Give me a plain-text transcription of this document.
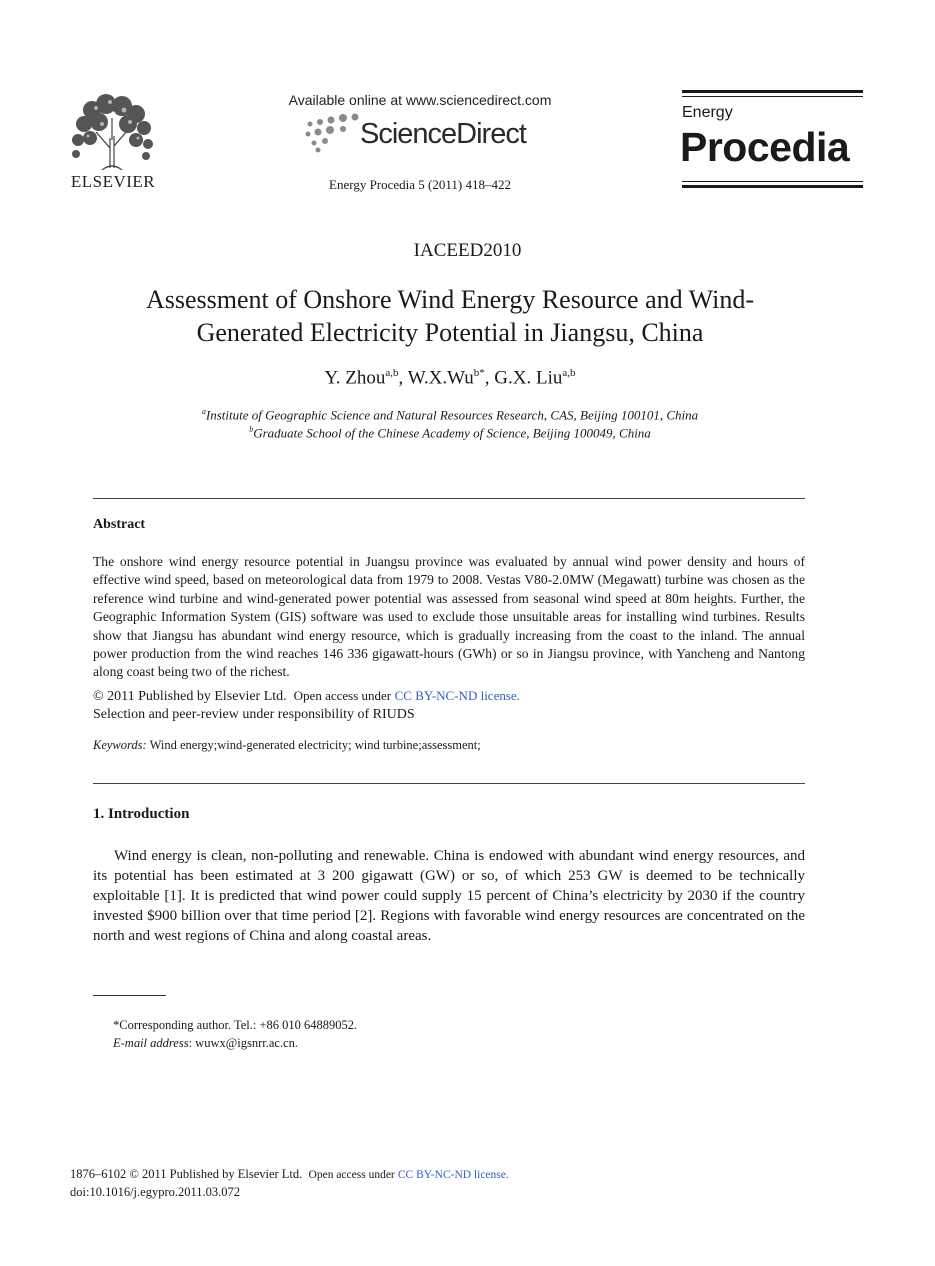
ELSEVIER
Available online at www.sciencedirect.com
ScienceDirect
Energy Procedia 5 (2011) 418–422
Energy
Procedia
IACEED2010
Assessment of Onshore Wind Energy Resource and Wind-
Generated Electricity Potential in Jiangsu, China
Y. Zhou$^{a,b}$, $W.X.Wu^{b*}$, G.X. Liu$^{a,b}$
$^a$Institute of Geographic Science and Natural Resources Research, CAS, Beijing 100101, China
$^b$Graduate School of the Chinese Academy of Science, Beijing 100049, China
Abstract
The onshore wind energy resource potential in Juangsu province was evaluated by annual wind power density and hours of effective wind speed, based on meteorological data from 1979 to 2008. Vestas V80-2.0MW (Megawatt) turbine was chosen as the reference wind turbine and wind-generated power potential was assessed from seasonal wind speed at 80m heights. Further, the Geographic Information System (GIS) software was used to exclude those unsuitable areas for installing wind turbines. Results show that Jiangsu has abundant wind energy resource, which is gradually increasing from the coast to the inland. The annual power production from the wind reaches 146 336 gigawatt-hours (GWh) or so in Jiangsu province, with Yancheng and Nantong along coast being two of the richest.
© 2011 Published by Elsevier Ltd. Open access under CC BY-NC-ND license.
Selection and peer-review under responsibility of RIUDS
Keywords: Wind energy;wind-generated electricity; wind turbine;assessment;
1. Introduction

Wind energy is clean, non-polluting and renewable. China is endowed with abundant wind energy resources, and its potential has been estimated at 3 200 gigawatt (GW) or so, of which 253 GW is deemed to be technically exploitable [1]. It is predicted that wind power could supply 15 percent of China’s electricity by 2030 if the country invested $900 billion over that time period [2]. Regions with favorable wind energy resources are concentrated on the north and west regions of China and along coastal areas.

*Corresponding author. Tel.: +86 010 64889052.
E-mail address: wuwx@igsnrr.ac.cn.
1876–6102 © 2011 Published by Elsevier Ltd. Open access under CC BY-NC-ND license.
doi:10.1016/j.egypro.2011.03.072
